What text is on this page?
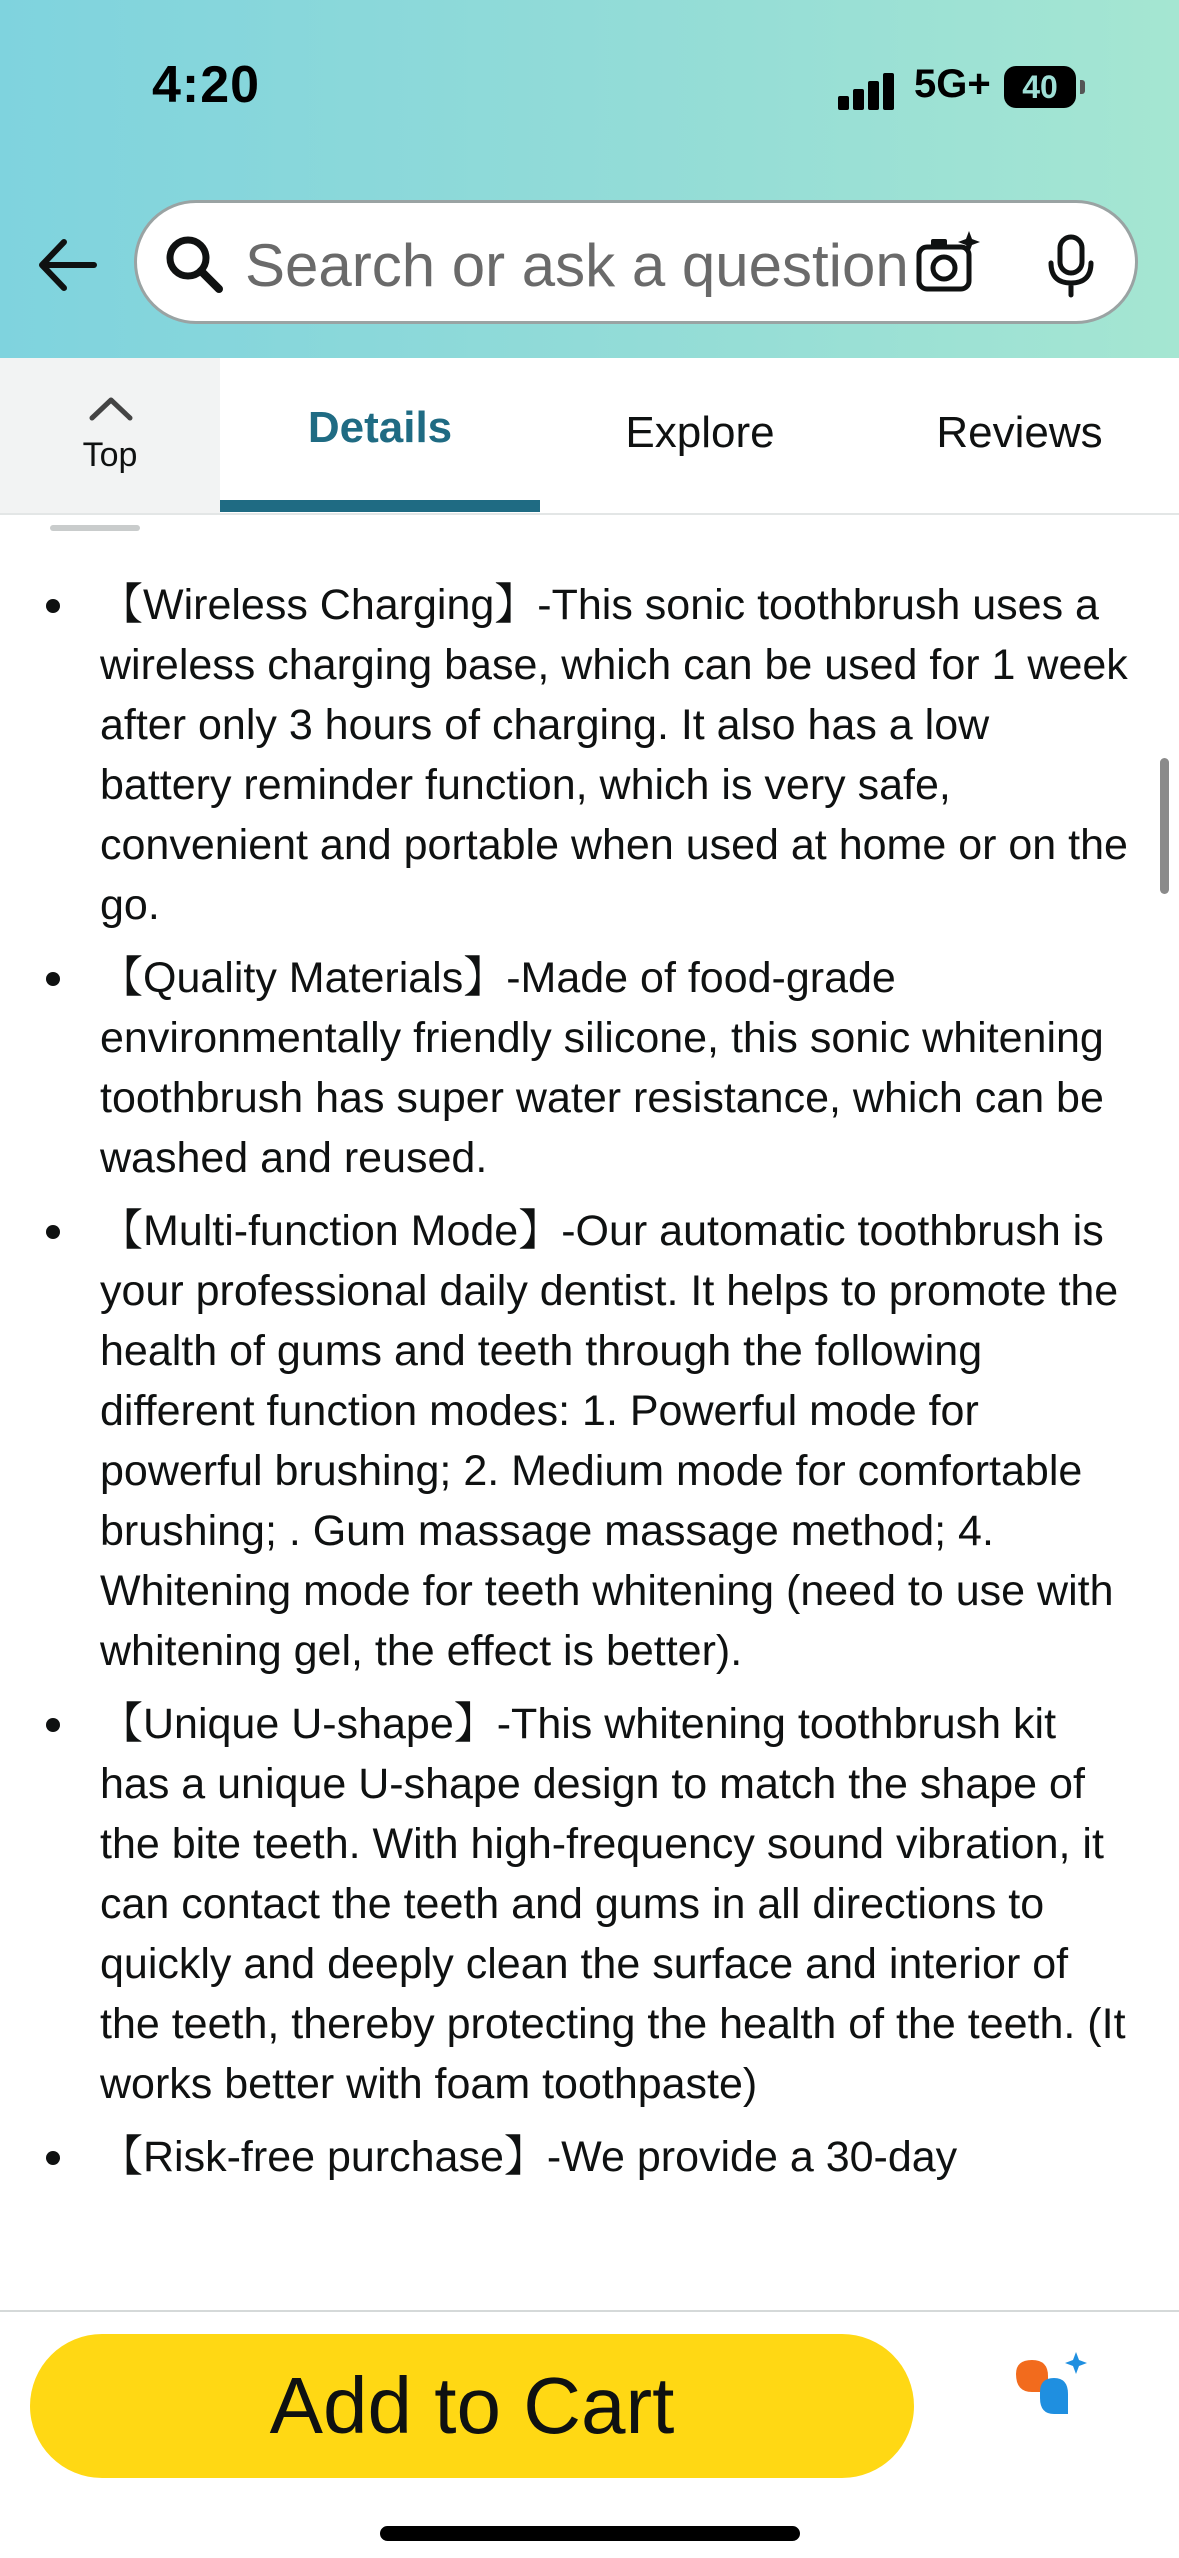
4:20	5G+ 40
Search or ask a question
Top
Details	Explore	Reviews
【Wireless Charging】-This sonic toothbrush uses a wireless charging base, which can be used for 1 week after only 3 hours of charging. It also has a low battery reminder function, which is very safe, convenient and portable when used at home or on the go.
【Quality Materials】-Made of food-grade environmentally friendly silicone, this sonic whitening toothbrush has super water resistance, which can be washed and reused.
【Multi-function Mode】-Our automatic toothbrush is your professional daily dentist. It helps to promote the health of gums and teeth through the following different function modes: 1. Powerful mode for powerful brushing; 2. Medium mode for comfortable brushing; . Gum massage massage method; 4. Whitening mode for teeth whitening (need to use with whitening gel, the effect is better).
【Unique U-shape】-This whitening toothbrush kit has a unique U-shape design to match the shape of the bite teeth. With high-frequency sound vibration, it can contact the teeth and gums in all directions to quickly and deeply clean the surface and interior of the teeth, thereby protecting the health of the teeth. (It works better with foam toothpaste)
【Risk-free purchase】-We provide a 30-day
Add to Cart
